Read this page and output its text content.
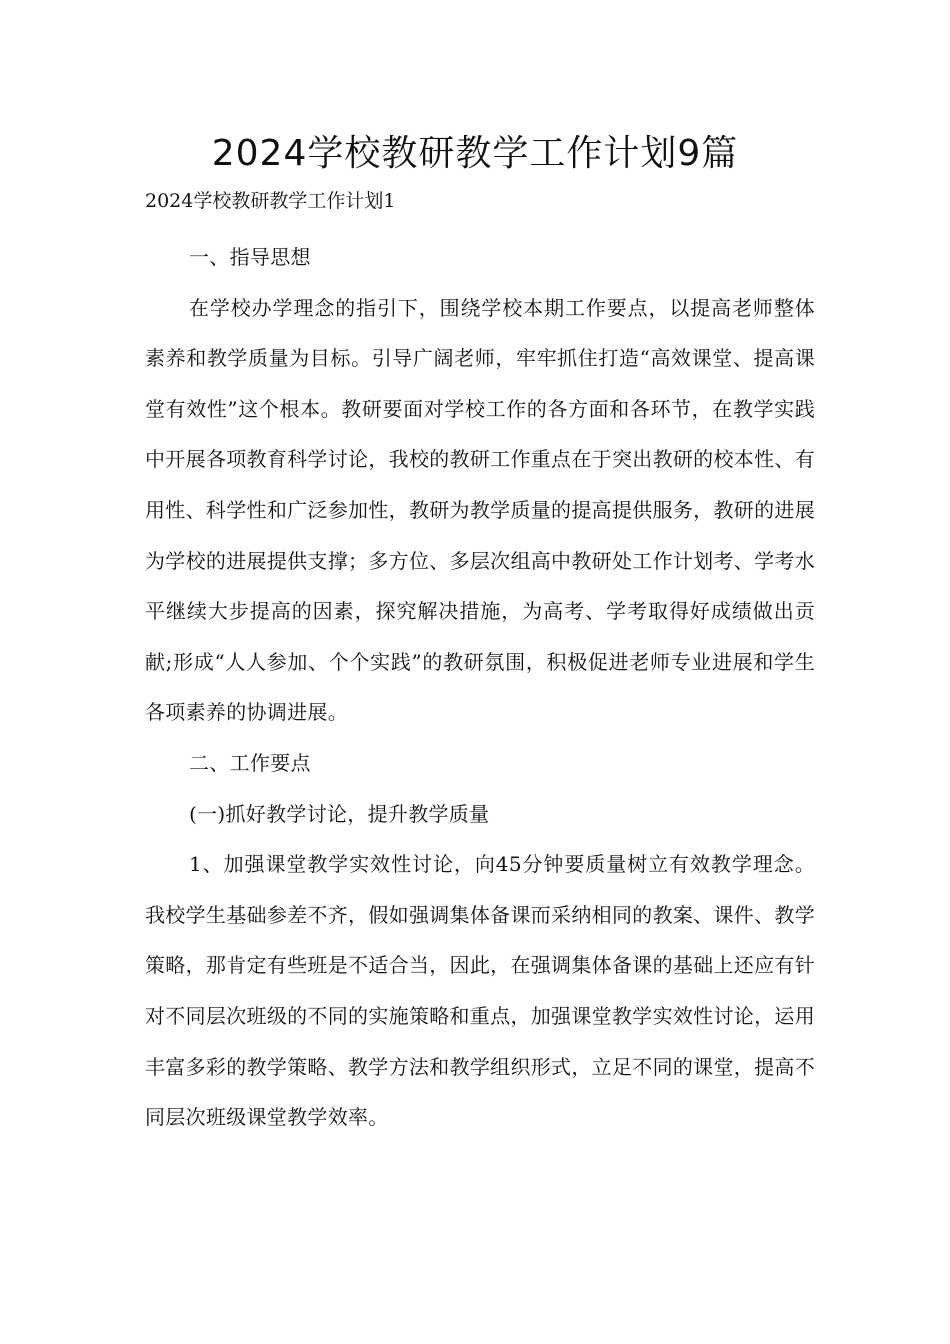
2024学校教研教学工作计划9篇
2024学校教研教学工作计划1

一、指导思想

在学校办学理念的指引下，围绕学校本期工作要点，以提高老师整体素养和教学质量为目标。引导广阔老师，牢牢抓住打造“高效课堂、提高课堂有效性”这个根本。教研要面对学校工作的各方面和各环节，在教学实践中开展各项教育科学讨论，我校的教研工作重点在于突出教研的校本性、有用性、科学性和广泛参加性，教研为教学质量的提高提供服务，教研的进展为学校的进展提供支撑；多方位、多层次组高中教研处工作计划考、学考水平继续大步提高的因素，探究解决措施，为高考、学考取得好成绩做出贡献;形成“人人参加、个个实践”的教研氛围，积极促进老师专业进展和学生各项素养的协调进展。

二、工作要点

(一)抓好教学讨论，提升教学质量

1、加强课堂教学实效性讨论，向45分钟要质量树立有效教学理念。我校学生基础参差不齐，假如强调集体备课而采纳相同的教案、课件、教学策略，那肯定有些班是不适合当，因此，在强调集体备课的基础上还应有针对不同层次班级的不同的实施策略和重点，加强课堂教学实效性讨论，运用丰富多彩的教学策略、教学方法和教学组织形式，立足不同的课堂，提高不同层次班级课堂教学效率。
